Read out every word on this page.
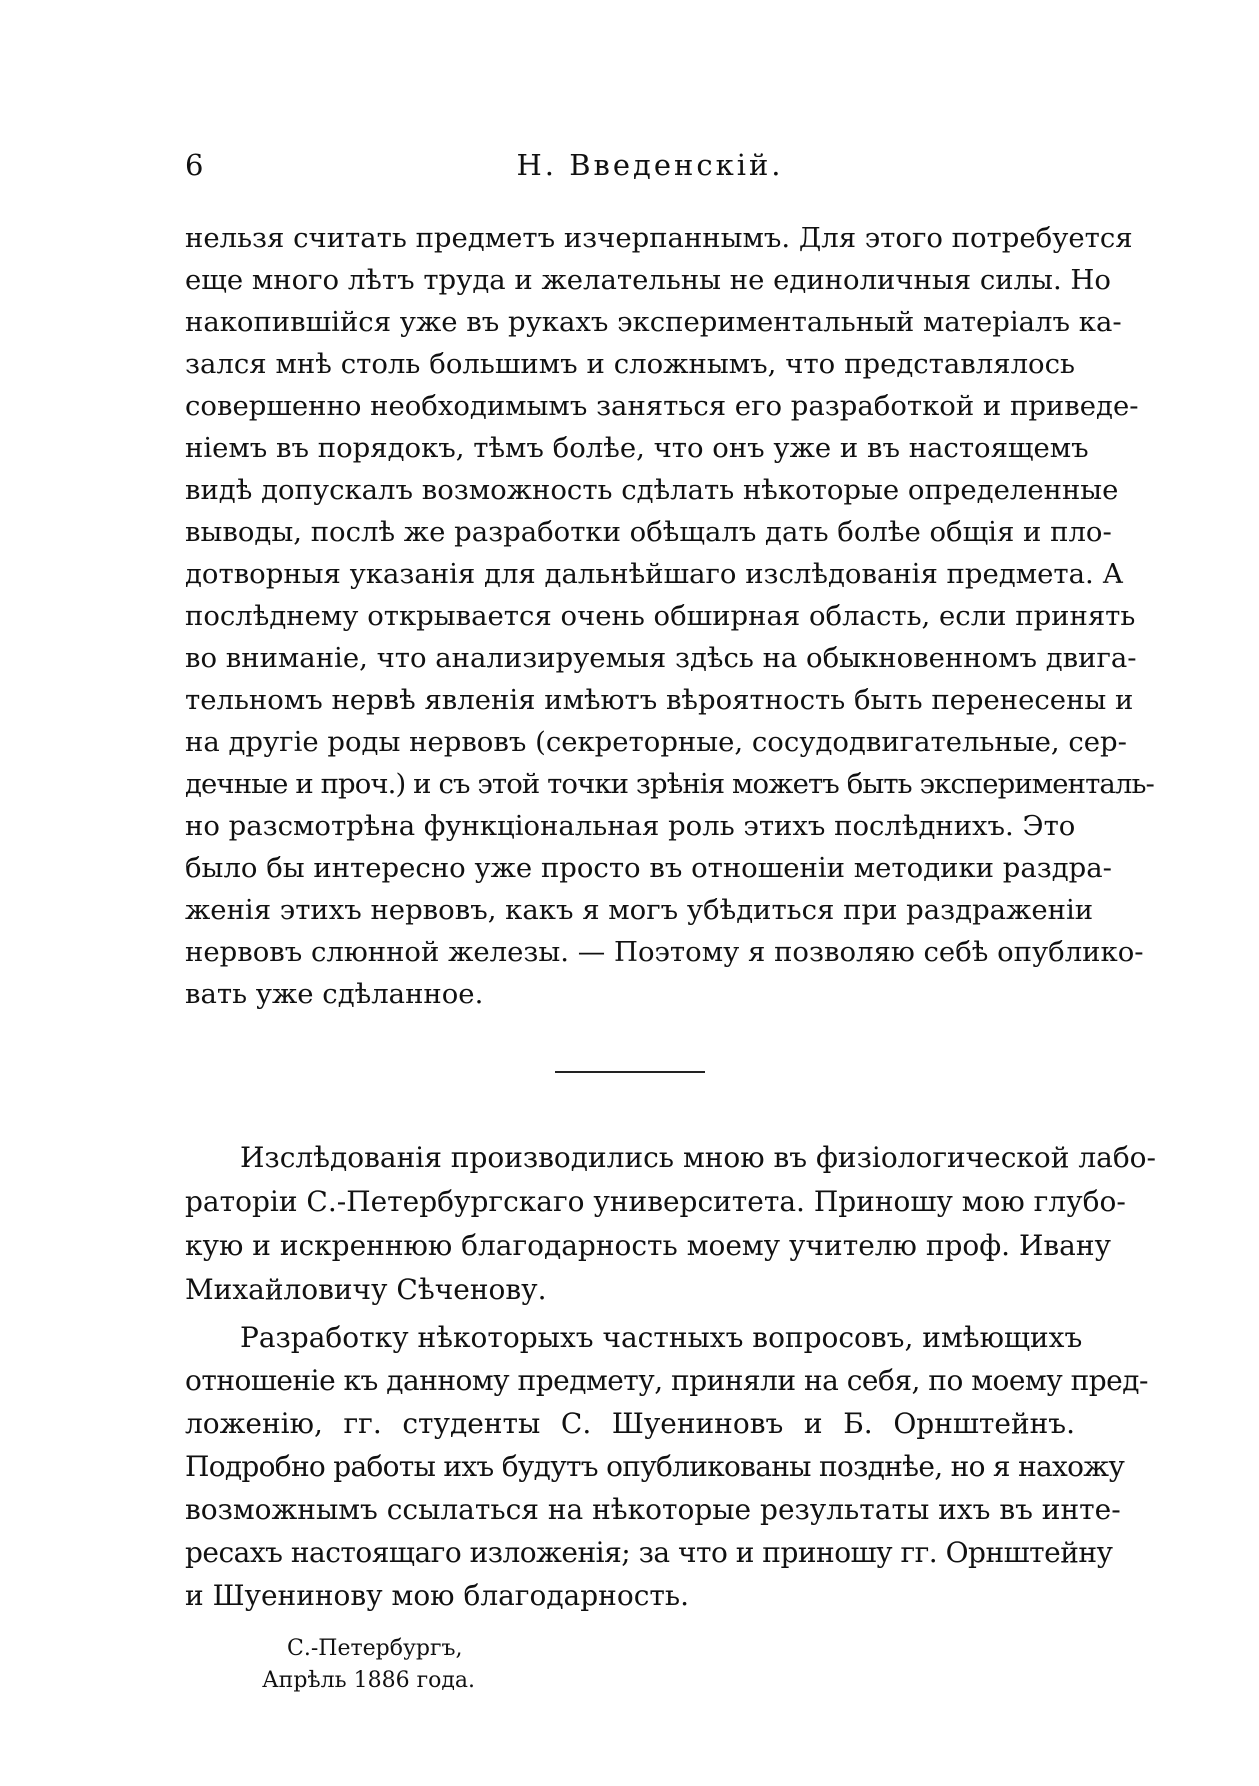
6	Н. Введенскій.
нельзя считать предметъ изчерпаннымъ. Для этого потребуется
еще много лѣтъ труда и желательны не единоличныя силы. Но
накопившійся уже въ рукахъ экспериментальный матеріалъ ка-
зался мнѣ столь большимъ и сложнымъ, что представлялось
совершенно необходимымъ заняться его разработкой и приведе-
ніемъ въ порядокъ, тѣмъ болѣе, что онъ уже и въ настоящемъ
видѣ допускалъ возможность сдѣлать нѣкоторые определенные
выводы, послѣ же разработки обѣщалъ дать болѣе общія и пло-
дотворныя указанія для дальнѣйшаго изслѣдованія предмета. А
послѣднему открывается очень обширная область, если принять
во вниманіе, что анализируемыя здѣсь на обыкновенномъ двига-
тельномъ нервѣ явленія имѣютъ вѣроятность быть перенесены и
на другіе роды нервовъ (секреторные, сосудодвигательные, сер-
дечные и проч.) и съ этой точки зрѣнія можетъ быть эксперименталь-
но разсмотрѣна функціональная роль этихъ послѣднихъ. Это
было бы интересно уже просто въ отношеніи методики раздра-
женія этихъ нервовъ, какъ я могъ убѣдиться при раздраженіи
нервовъ слюнной железы. — Поэтому я позволяю себѣ опублико-
вать уже сдѣланное.
Изслѣдованія производились мною въ физіологической лабо-
раторіи С.-Петербургскаго университета. Приношу мою глубо-
кую и искреннюю благодарность моему учителю проф. Ивану
Михайловичу Сѣченову.
Разработку нѣкоторыхъ частныхъ вопросовъ, имѣющихъ
отношеніе къ данному предмету, приняли на себя, по моему пред-
ложенію, гг. студенты С. Шуениновъ и Б. Орнштейнъ.
Подробно работы ихъ будутъ опубликованы позднѣе, но я нахожу
возможнымъ ссылаться на нѣкоторые результаты ихъ въ инте-
ресахъ настоящаго изложенія; за что и приношу гг. Орнштейну
и Шуенинову мою благодарность.
С.-Петербургъ,
Апрѣль 1886 года.
